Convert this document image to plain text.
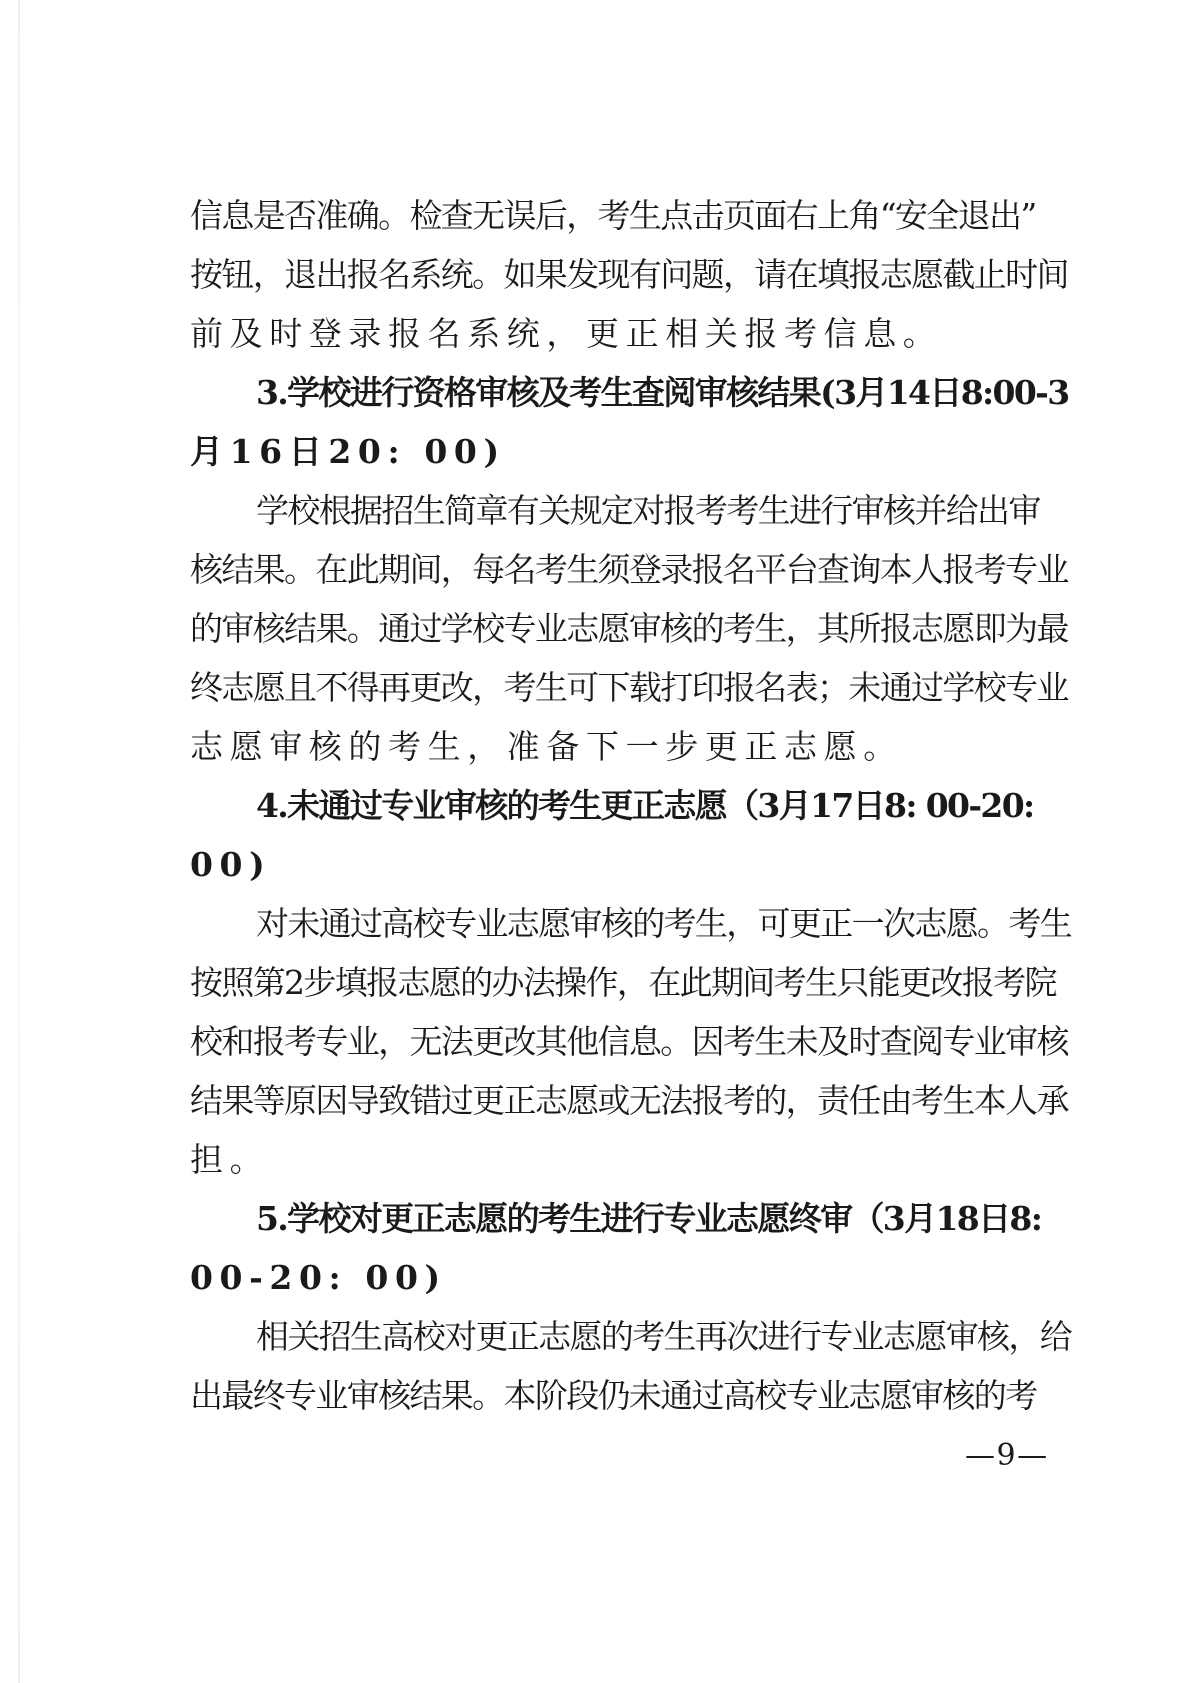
信息是否准确。检查无误后，考生点击页面右上角“安全退出”
按钮，退出报名系统。如果发现有问题，请在填报志愿截止时间
前及时登录报名系统，更正相关报考信息。
3.学校进行资格审核及考生查阅审核结果(3月14日8:00-3
月16日20: 00)
学校根据招生简章有关规定对报考考生进行审核并给出审
核结果。在此期间，每名考生须登录报名平台查询本人报考专业
的审核结果。通过学校专业志愿审核的考生，其所报志愿即为最
终志愿且不得再更改，考生可下载打印报名表；未通过学校专业
志愿审核的考生，准备下一步更正志愿。
4.未通过专业审核的考生更正志愿（3月17日8: 00-20:
00)
对未通过高校专业志愿审核的考生，可更正一次志愿。考生
按照第2步填报志愿的办法操作，在此期间考生只能更改报考院
校和报考专业，无法更改其他信息。因考生未及时查阅专业审核
结果等原因导致错过更正志愿或无法报考的，责任由考生本人承
担。
5.学校对更正志愿的考生进行专业志愿终审（3月18日8:
00-20: 00)
相关招生高校对更正志愿的考生再次进行专业志愿审核，给
出最终专业审核结果。本阶段仍未通过高校专业志愿审核的考
—9—
